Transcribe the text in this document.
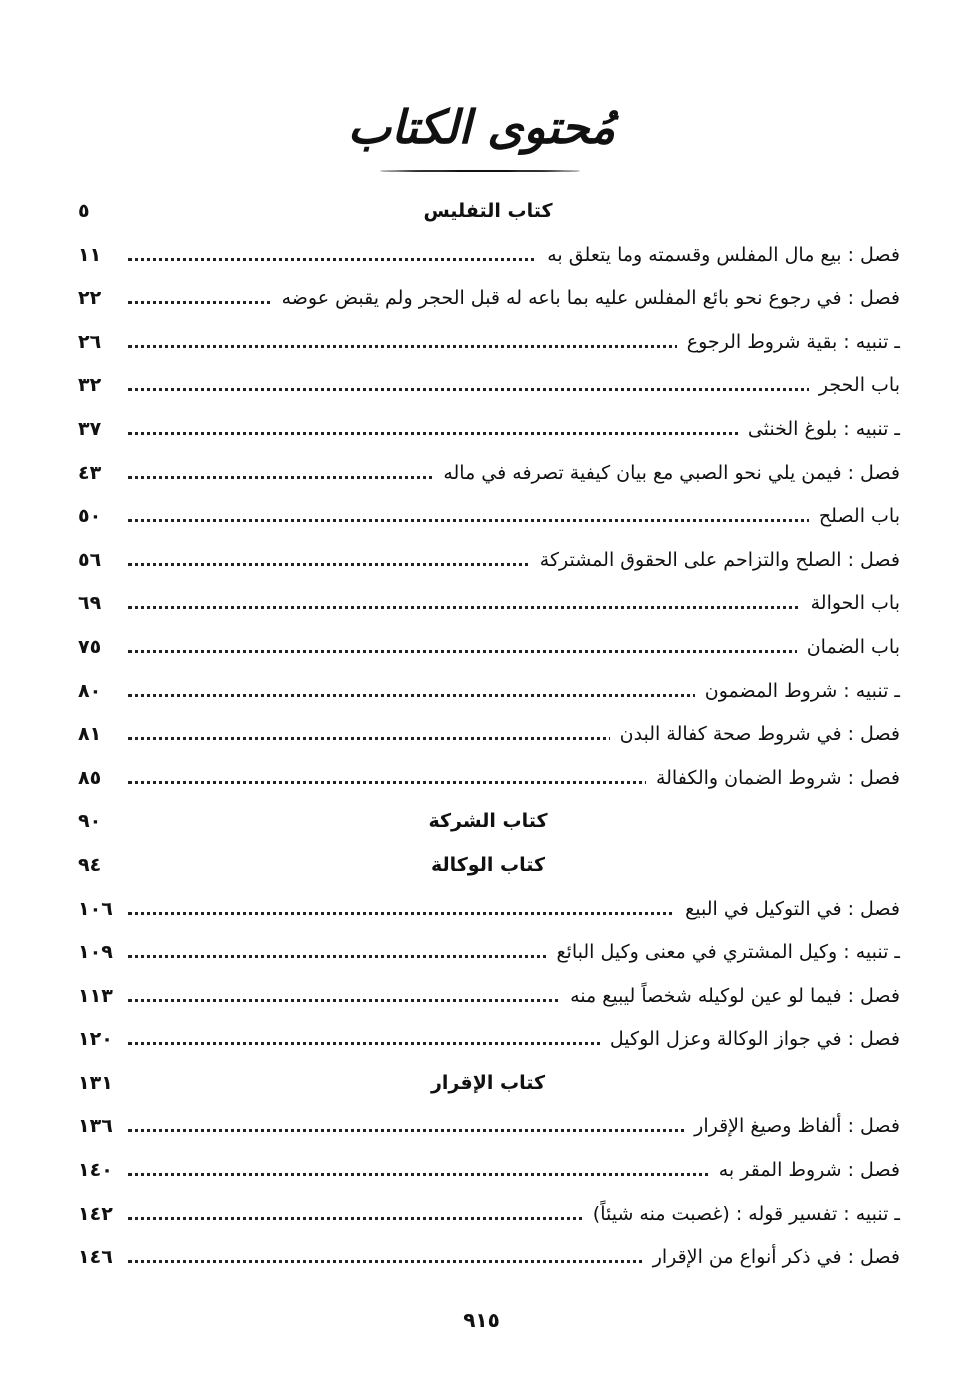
مُحتوى الكتاب
كتاب التفليس
٥
فصل : بيع مال المفلس وقسمته وما يتعلق به
١١
فصل : في رجوع نحو بائع المفلس عليه بما باعه له قبل الحجر ولم يقبض عوضه
٢٢
ـ تنبيه : بقية شروط الرجوع
٢٦
باب الحجر
٣٢
ـ تنبيه : بلوغ الخنثى
٣٧
فصل : فيمن يلي نحو الصبي مع بيان كيفية تصرفه في ماله
٤٣
باب الصلح
٥٠
فصل : الصلح والتزاحم على الحقوق المشتركة
٥٦
باب الحوالة
٦٩
باب الضمان
٧٥
ـ تنبيه : شروط المضمون
٨٠
فصل : في شروط صحة كفالة البدن
٨١
فصل : شروط الضمان والكفالة
٨٥
كتاب الشركة
٩٠
كتاب الوكالة
٩٤
فصل : في التوكيل في البيع
١٠٦
ـ تنبيه : وكيل المشتري في معنى وكيل البائع
١٠٩
فصل : فيما لو عين لوكيله شخصاً ليبيع منه
١١٣
فصل : في جواز الوكالة وعزل الوكيل
١٢٠
كتاب الإقرار
١٣١
فصل : ألفاظ وصيغ الإقرار
١٣٦
فصل : شروط المقر به
١٤٠
ـ تنبيه : تفسير قوله : (غصبت منه شيئاً)
١٤٢
فصل : في ذكر أنواع من الإقرار
١٤٦
٩١٥
